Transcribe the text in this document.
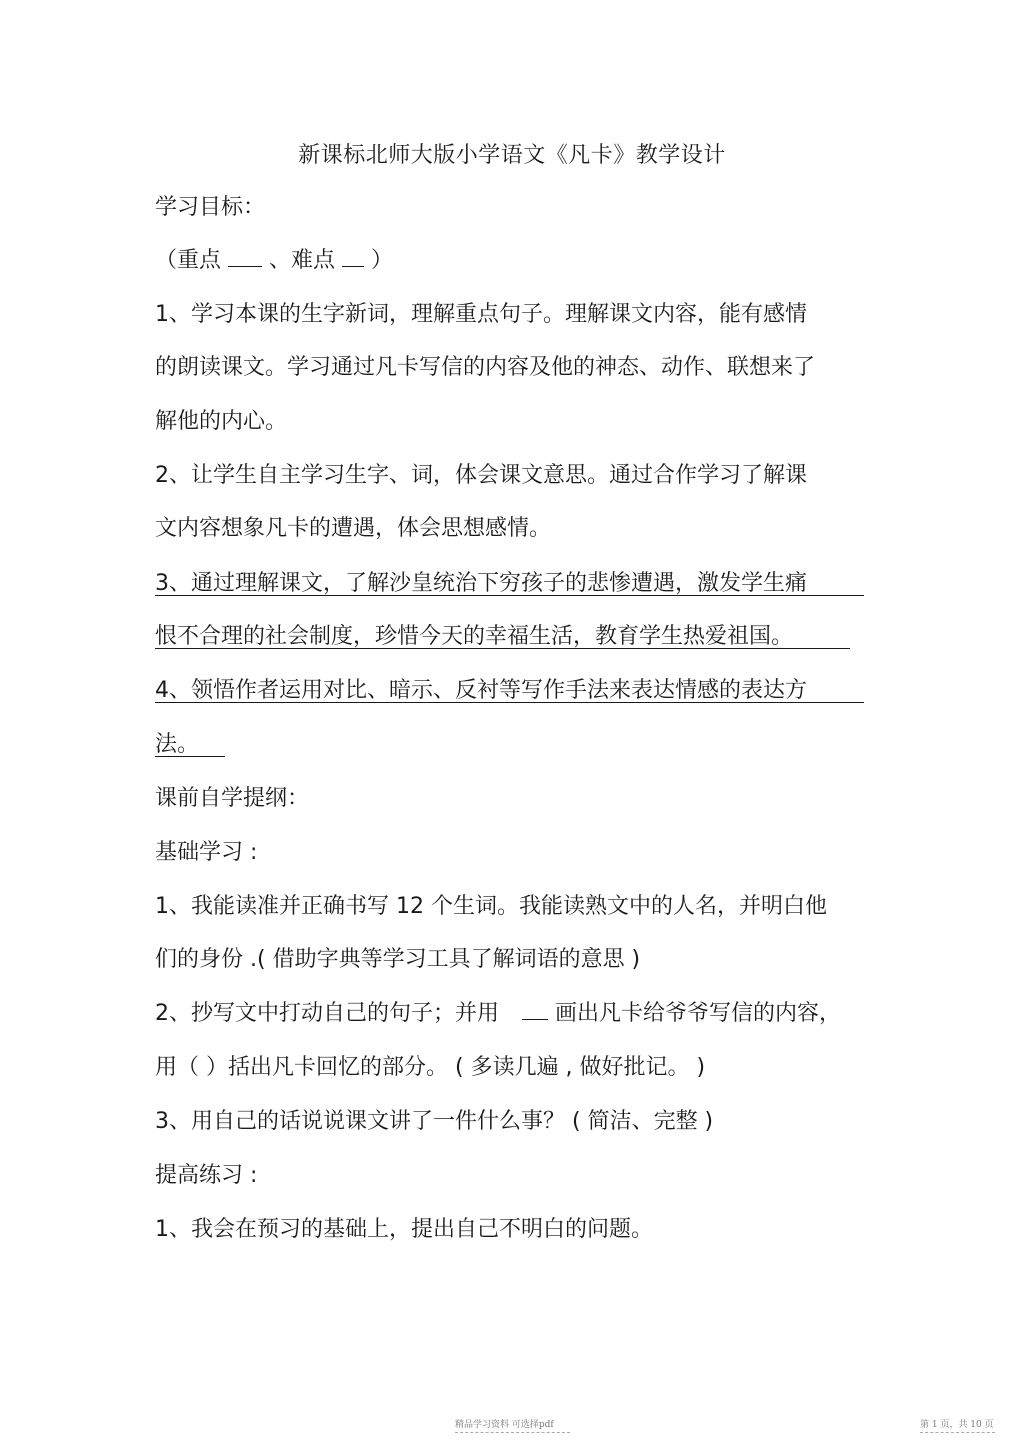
新课标北师大版小学语文《凡卡》教学设计
学习目标：
（重点 、难点 ）
1、学习本课的生字新词，理解重点句子。理解课文内容，能有感情
的朗读课文。学习通过凡卡写信的内容及他的神态、动作、联想来了
解他的内心。
2、让学生自主学习生字、词，体会课文意思。通过合作学习了解课
文内容想象凡卡的遭遇，体会思想感情。
3、通过理解课文，了解沙皇统治下穷孩子的悲惨遭遇，激发学生痛
恨不合理的社会制度，珍惜今天的幸福生活，教育学生热爱祖国。
4、领悟作者运用对比、暗示、反衬等写作手法来表达情感的表达方
法。
课前自学提纲：
基础学习 :
1、我能读准并正确书写 12 个生词。我能读熟文中的人名，并明白他
们的身份 .( 借助字典等学习工具了解词语的意思 )
2、抄写文中打动自己的句子；并用	画出凡卡给爷爷写信的内容，
用（ ）括出凡卡回忆的部分。 ( 多读几遍 , 做好批记。 )
3、用自己的话说说课文讲了一件什么事？ ( 简洁、完整 )
提高练习 :
1、我会在预习的基础上，提出自己不明白的问题。
精品学习资料 可选择pdf	第 1 页，共 10 页
